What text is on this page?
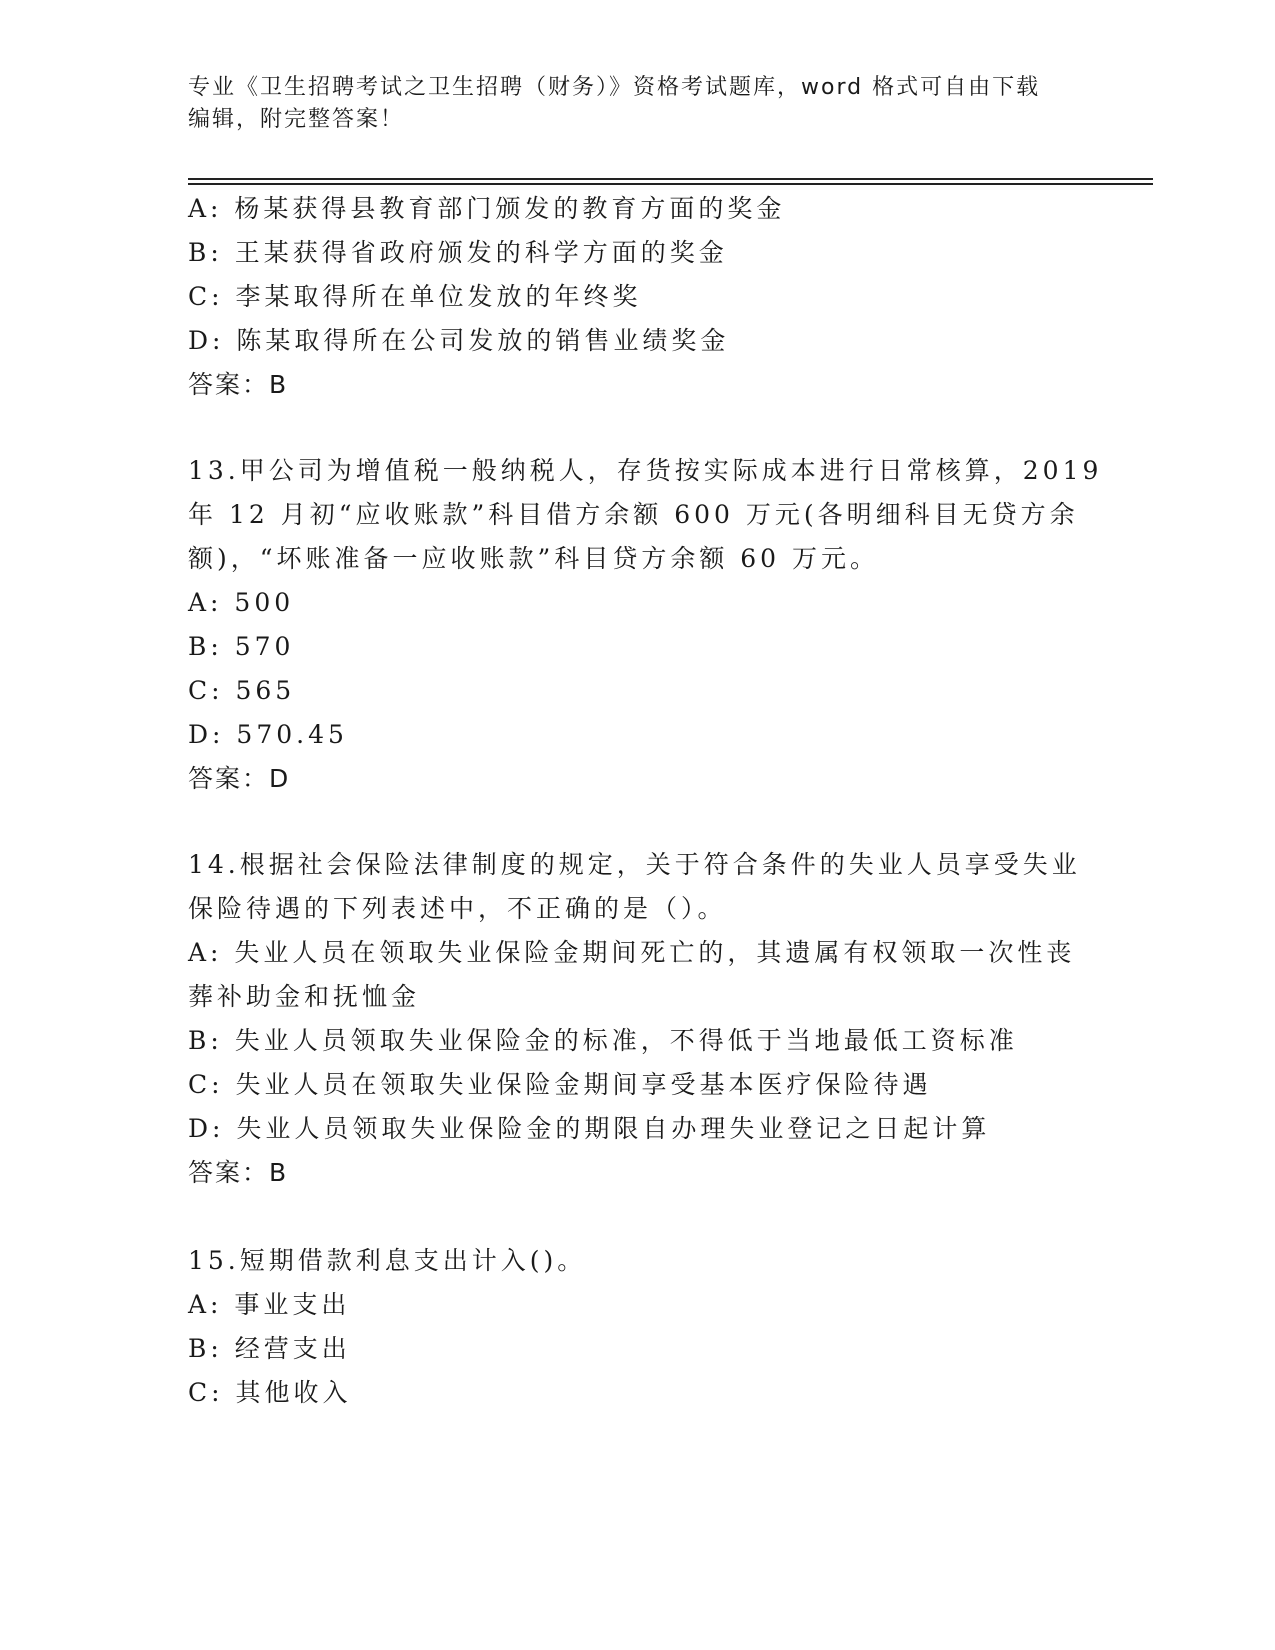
专业《卫生招聘考试之卫生招聘（财务）》资格考试题库，word 格式可自由下载
编辑，附完整答案！
A: 杨某获得县教育部门颁发的教育方面的奖金
B: 王某获得省政府颁发的科学方面的奖金
C: 李某取得所在单位发放的年终奖
D: 陈某取得所在公司发放的销售业绩奖金
答案：B
13.甲公司为增值税一般纳税人，存货按实际成本进行日常核算，2019
年 12 月初“应收账款”科目借方余额 600 万元(各明细科目无贷方余
额)，“坏账准备一应收账款”科目贷方余额 60 万元。
A: 500
B: 570
C: 565
D: 570.45
答案：D
14.根据社会保险法律制度的规定，关于符合条件的失业人员享受失业
保险待遇的下列表述中，不正确的是（）。
A: 失业人员在领取失业保险金期间死亡的，其遗属有权领取一次性丧
葬补助金和抚恤金
B: 失业人员领取失业保险金的标准，不得低于当地最低工资标准
C: 失业人员在领取失业保险金期间享受基本医疗保险待遇
D: 失业人员领取失业保险金的期限自办理失业登记之日起计算
答案：B
15.短期借款利息支出计入()。
A: 事业支出
B: 经营支出
C: 其他收入
